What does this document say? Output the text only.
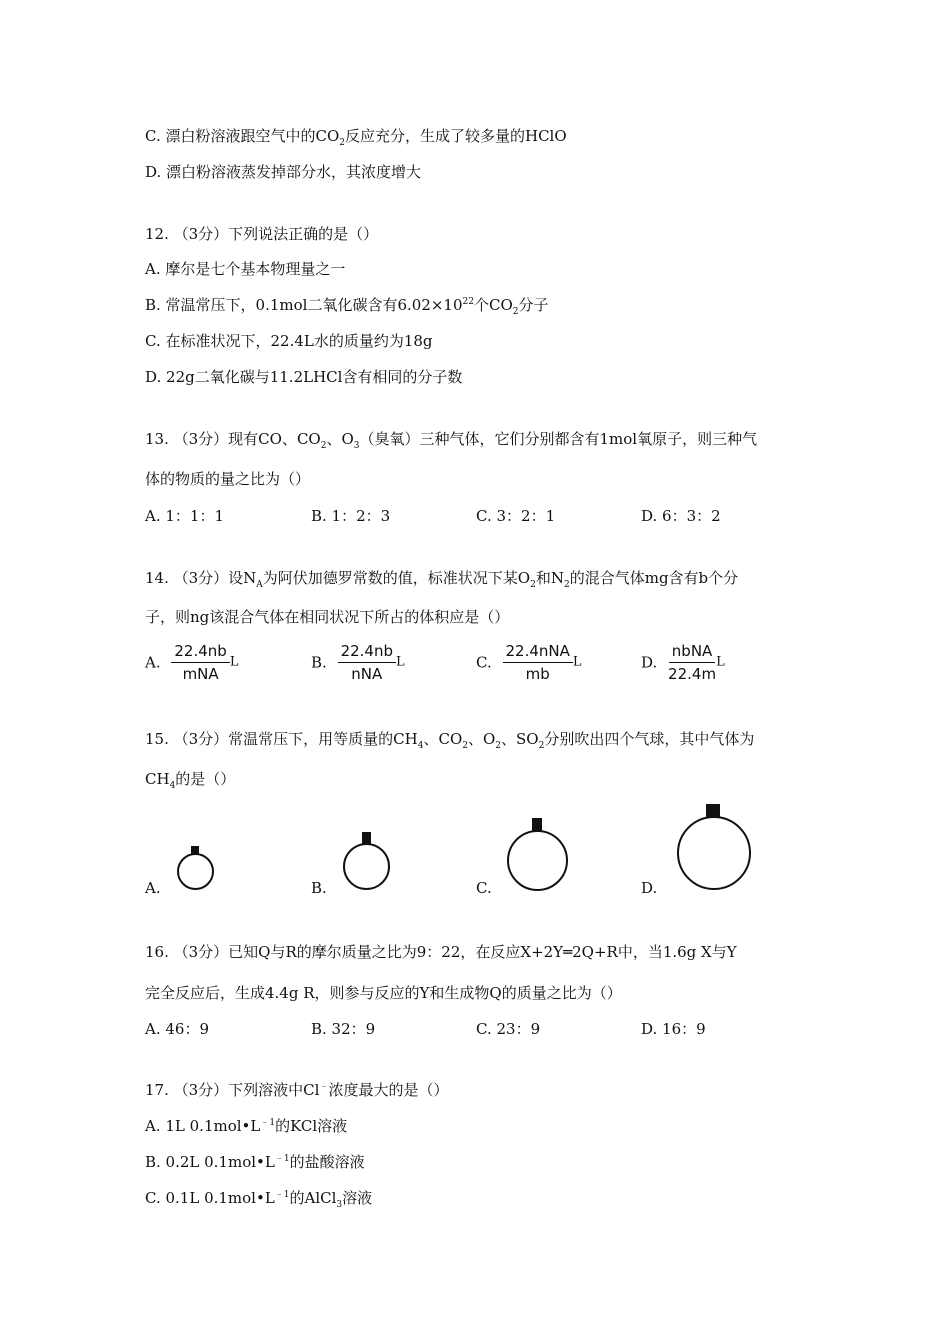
C. 漂白粉溶液跟空气中的$CO_2$反应充分，生成了较多量的HClO
D. 漂白粉溶液蒸发掉部分水，其浓度增大
12. （3分）下列说法正确的是（）
A. 摩尔是七个基本物理量之一
B. 常温常压下，0.1mol二氧化碳含有$6.02\times 10^{22}$个$CO_2$分子
C. 在标准状况下，22.4L水的质量约为18g
D. 22g二氧化碳与11.2LHCl含有相同的分子数
13. （3分）现有CO、$CO_2$、$O_3$（臭氧）三种气体，它们分别都含有1mol氧原子，则三种气
体的物质的量之比为（）
A. 1：1：1	B. 1：2：3	C. 3：2：1	D. 6：3：2
14. （3分）设$N_A$为阿伏加德罗常数的值，标准状况下某$O_2$和$N_2$的混合气体mg含有b个分
子，则ng该混合气体在相同状况下所占的体积应是（）
A. $\frac{22.4nb}{\text{mNA}}$ L	B. $\frac{22.4nb}{\text{nNA}}$ L	C. $\frac{\text{22.4nNA}}{mb}$ L	D. $\frac{\text{nbNA}}{22.4m}$ L
15. （3分）常温常压下，用等质量的$CH_4$、$CO_2$、$O_2$、$SO_2$分别吹出四个气球，其中气体为
$CH_4$的是（）
A.	B.	C.	D.
16. （3分）已知Q与R的摩尔质量之比为9：22，在反应X+2Y═2Q+R中，当1.6g X与Y
完全反应后，生成4.4g R，则参与反应的Y和生成物Q的质量之比为（）
A. 46：9	B. 32：9	C. 23：9	D. 16：9
17. （3分）下列溶液中Cl﹣浓度最大的是（）
A. 1L $0.1mol•L^{﹣1}$的KCl溶液
B. 0.2L $0.1mol•L^{﹣1}$的盐酸溶液
C. 0.1L $0.1mol•L^{﹣1}$的AlCl$_3$溶液
